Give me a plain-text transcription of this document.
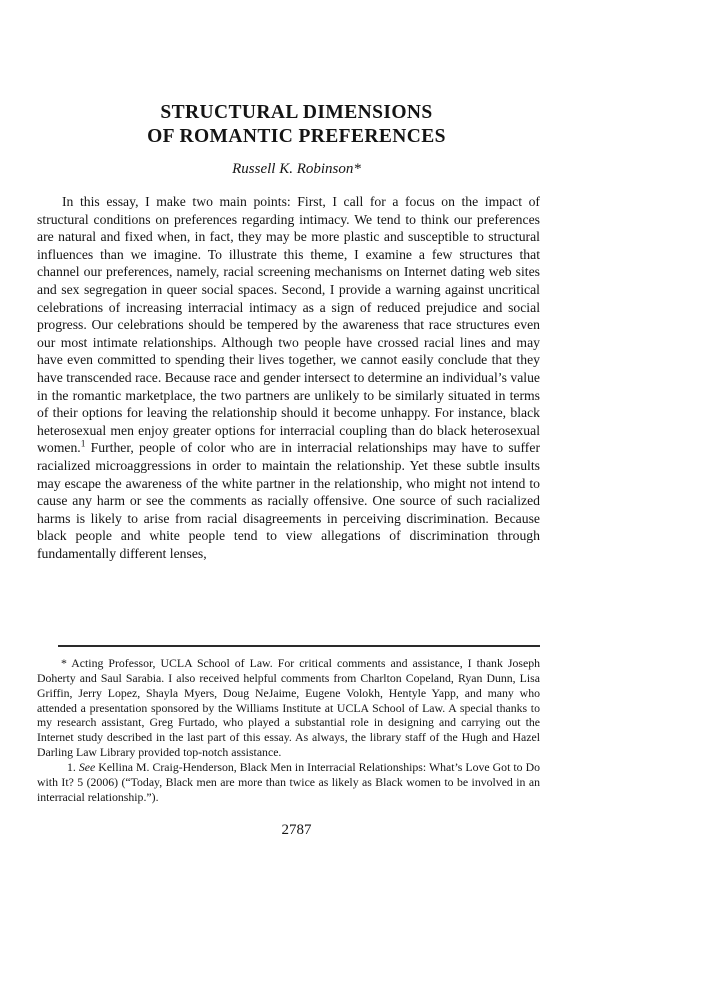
STRUCTURAL DIMENSIONS
OF ROMANTIC PREFERENCES
Russell K. Robinson*

In this essay, I make two main points: First, I call for a focus on the impact of structural conditions on preferences regarding intimacy. We tend to think our preferences are natural and fixed when, in fact, they may be more plastic and susceptible to structural influences than we imagine. To illustrate this theme, I examine a few structures that channel our preferences, namely, racial screening mechanisms on Internet dating web sites and sex segregation in queer social spaces. Second, I provide a warning against uncritical celebrations of increasing interracial intimacy as a sign of reduced prejudice and social progress. Our celebrations should be tempered by the awareness that race structures even our most intimate relationships. Although two people have crossed racial lines and may have even committed to spending their lives together, we cannot easily conclude that they have transcended race. Because race and gender intersect to determine an individual’s value in the romantic marketplace, the two partners are unlikely to be similarly situated in terms of their options for leaving the relationship should it become unhappy. For instance, black heterosexual men enjoy greater options for interracial coupling than do black heterosexual women.$^1$ Further, people of color who are in interracial relationships may have to suffer racialized microaggressions in order to maintain the relationship. Yet these subtle insults may escape the awareness of the white partner in the relationship, who might not intend to cause any harm or see the comments as racially offensive. One source of such racialized harms is likely to arise from racial disagreements in perceiving discrimination. Because black people and white people tend to view allegations of discrimination through fundamentally different lenses,

* Acting Professor, UCLA School of Law. For critical comments and assistance, I thank Joseph Doherty and Saul Sarabia. I also received helpful comments from Charlton Copeland, Ryan Dunn, Lisa Griffin, Jerry Lopez, Shayla Myers, Doug NeJaime, Eugene Volokh, Hentyle Yapp, and many who attended a presentation sponsored by the Williams Institute at UCLA School of Law. A special thanks to my research assistant, Greg Furtado, who played a substantial role in designing and carrying out the Internet study described in the last part of this essay. As always, the library staff of the Hugh and Hazel Darling Law Library provided top-notch assistance.

1. See Kellina M. Craig-Henderson, Black Men in Interracial Relationships: What’s Love Got to Do with It? 5 (2006) (“Today, Black men are more than twice as likely as Black women to be involved in an interracial relationship.”).

2787
